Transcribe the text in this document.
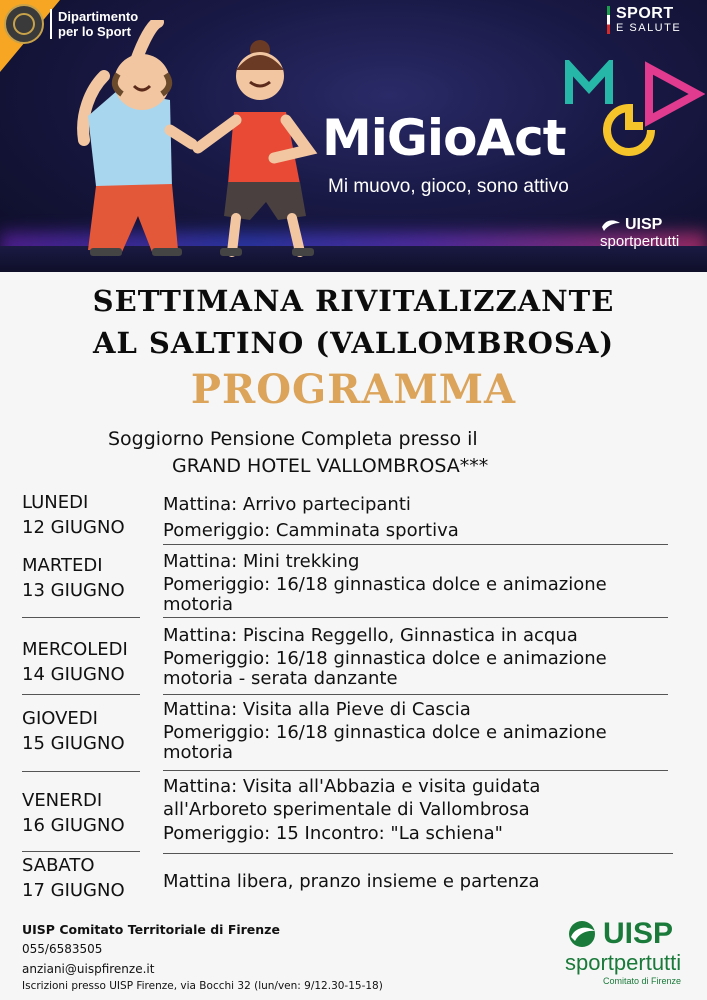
Dipartimento
per lo Sport
SPORT
E SALUTE
MiGioAct
Mi muovo, gioco, sono attivo
UISP
sportpertutti
SETTIMANA RIVITALIZZANTE
AL SALTINO (VALLOMBROSA)
PROGRAMMA
Soggiorno Pensione Completa presso il
GRAND HOTEL VALLOMBROSA***
LUNEDI
12 GIUGNO
Mattina: Arrivo partecipanti
Pomeriggio: Camminata sportiva
MARTEDI
13 GIUGNO
Mattina: Mini trekking
Pomeriggio: 16/18 ginnastica dolce e animazione
motoria
MERCOLEDI
14 GIUGNO
Mattina: Piscina Reggello, Ginnastica in acqua
Pomeriggio: 16/18 ginnastica dolce e animazione
motoria - serata danzante
GIOVEDI
15 GIUGNO
Mattina: Visita alla Pieve di Cascia
Pomeriggio: 16/18 ginnastica dolce e animazione
motoria
VENERDI
16 GIUGNO
Mattina: Visita all'Abbazia e visita guidata
all'Arboreto sperimentale di Vallombrosa
Pomeriggio: 15 Incontro: "La schiena"
SABATO
17 GIUGNO Mattina libera, pranzo insieme e partenza
UISP Comitato Territoriale di Firenze
055/6583505
anziani@uispfirenze.it
Iscrizioni presso UISP Firenze, via Bocchi 32 (lun/ven: 9/12.30-15-18)
UISP
sportpertutti
Comitato di Firenze
